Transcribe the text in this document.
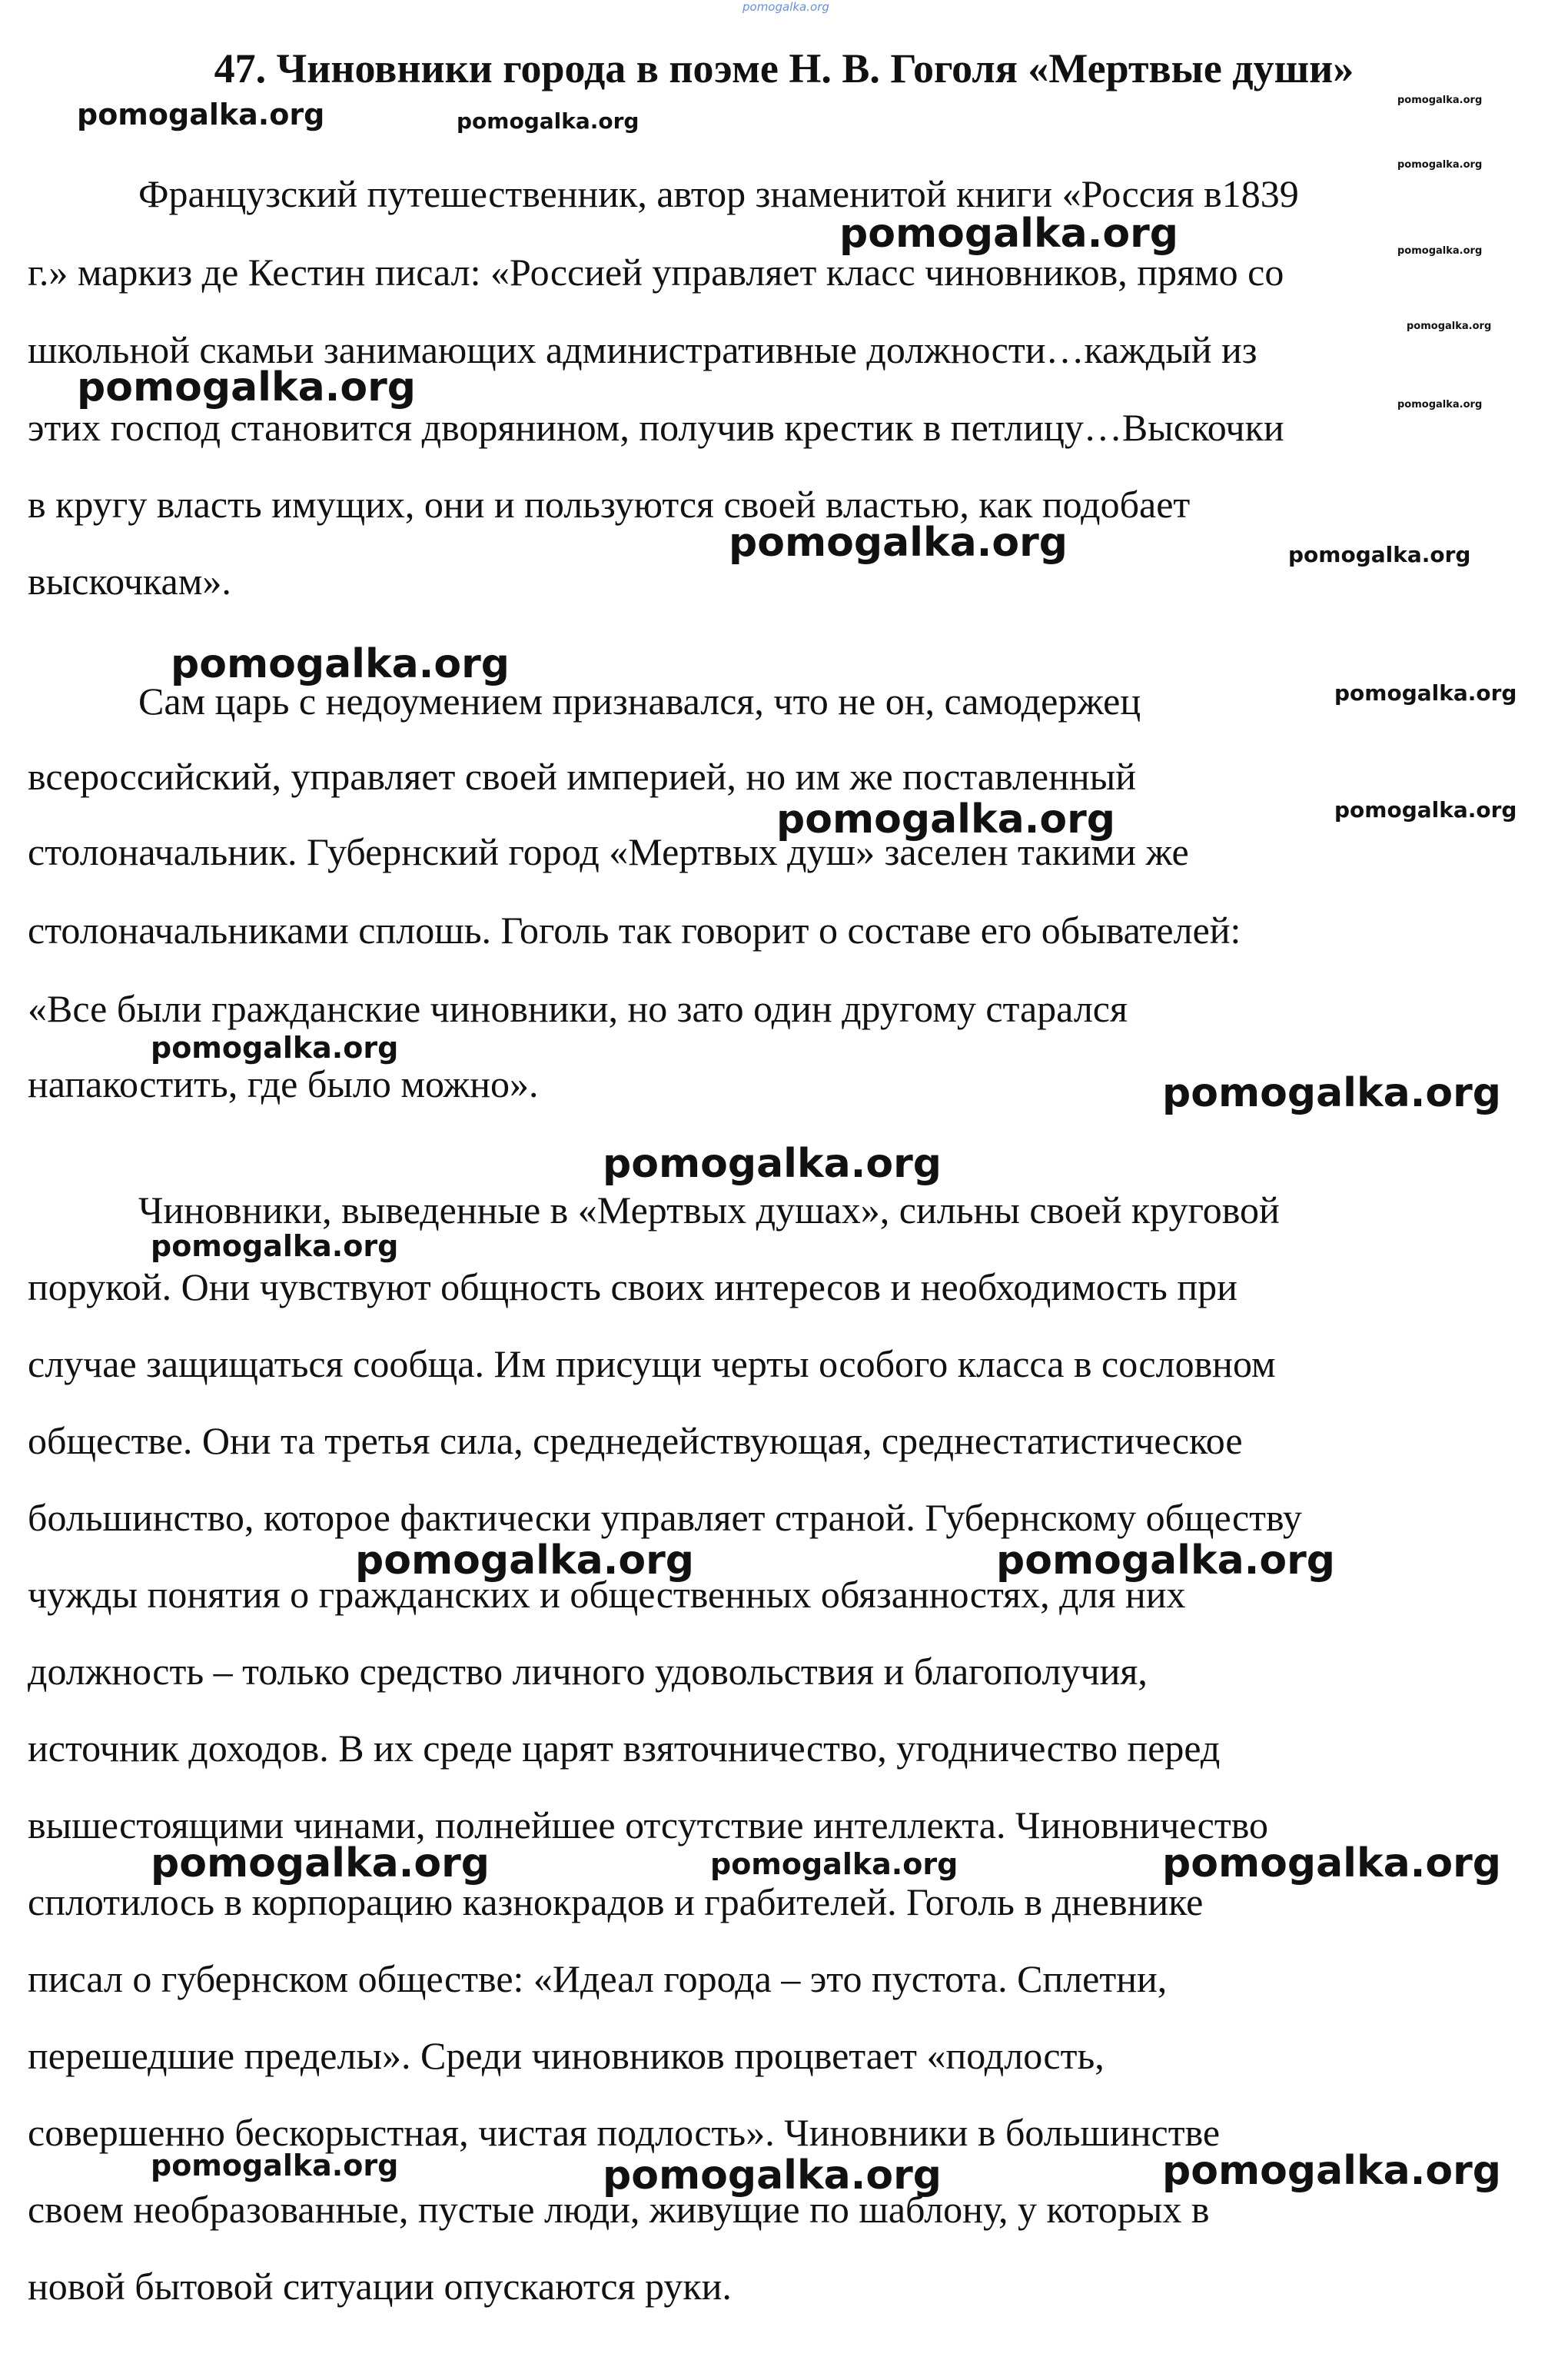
47. Чиновники города в поэме Н. В. Гоголя «Мертвые души»
Французский путешественник, автор знаменитой книги «Россия в1839
г.» маркиз де Кестин писал: «Россией управляет класс чиновников, прямо со
школьной скамьи занимающих административные должности…каждый из
этих господ становится дворянином, получив крестик в петлицу…Выскочки
в кругу власть имущих, они и пользуются своей властью, как подобает
выскочкам».
Сам царь с недоумением признавался, что не он, самодержец
всероссийский, управляет своей империей, но им же поставленный
столоначальник. Губернский город «Мертвых душ» заселен такими же
столоначальниками сплошь. Гоголь так говорит о составе его обывателей:
«Все были гражданские чиновники, но зато один другому старался
напакостить, где было можно».
Чиновники, выведенные в «Мертвых душах», сильны своей круговой
порукой. Они чувствуют общность своих интересов и необходимость при
случае защищаться сообща. Им присущи черты особого класса в сословном
обществе. Они та третья сила, среднедействующая, среднестатистическое
большинство, которое фактически управляет страной. Губернскому обществу
чужды понятия о гражданских и общественных обязанностях, для них
должность – только средство личного удовольствия и благополучия,
источник доходов. В их среде царят взяточничество, угодничество перед
вышестоящими чинами, полнейшее отсутствие интеллекта. Чиновничество
сплотилось в корпорацию казнокрадов и грабителей. Гоголь в дневнике
писал о губернском обществе: «Идеал города – это пустота. Сплетни,
перешедшие пределы». Среди чиновников процветает «подлость,
совершенно бескорыстная, чистая подлость». Чиновники в большинстве
своем необразованные, пустые люди, живущие по шаблону, у которых в
новой бытовой ситуации опускаются руки.
pomogalka.org
pomogalka.org	pomogalka.org
pomogalka.org
pomogalka.org
pomogalka.org	pomogalka.org
pomogalka.org
pomogalka.org	pomogalka.org
pomogalka.org	pomogalka.org
pomogalka.org
pomogalka.org
pomogalka.org	pomogalka.org
pomogalka.org
pomogalka.org
pomogalka.org
pomogalka.org
pomogalka.org	pomogalka.org
pomogalka.org	pomogalka.org	pomogalka.org
pomogalka.org	pomogalka.org	pomogalka.org
